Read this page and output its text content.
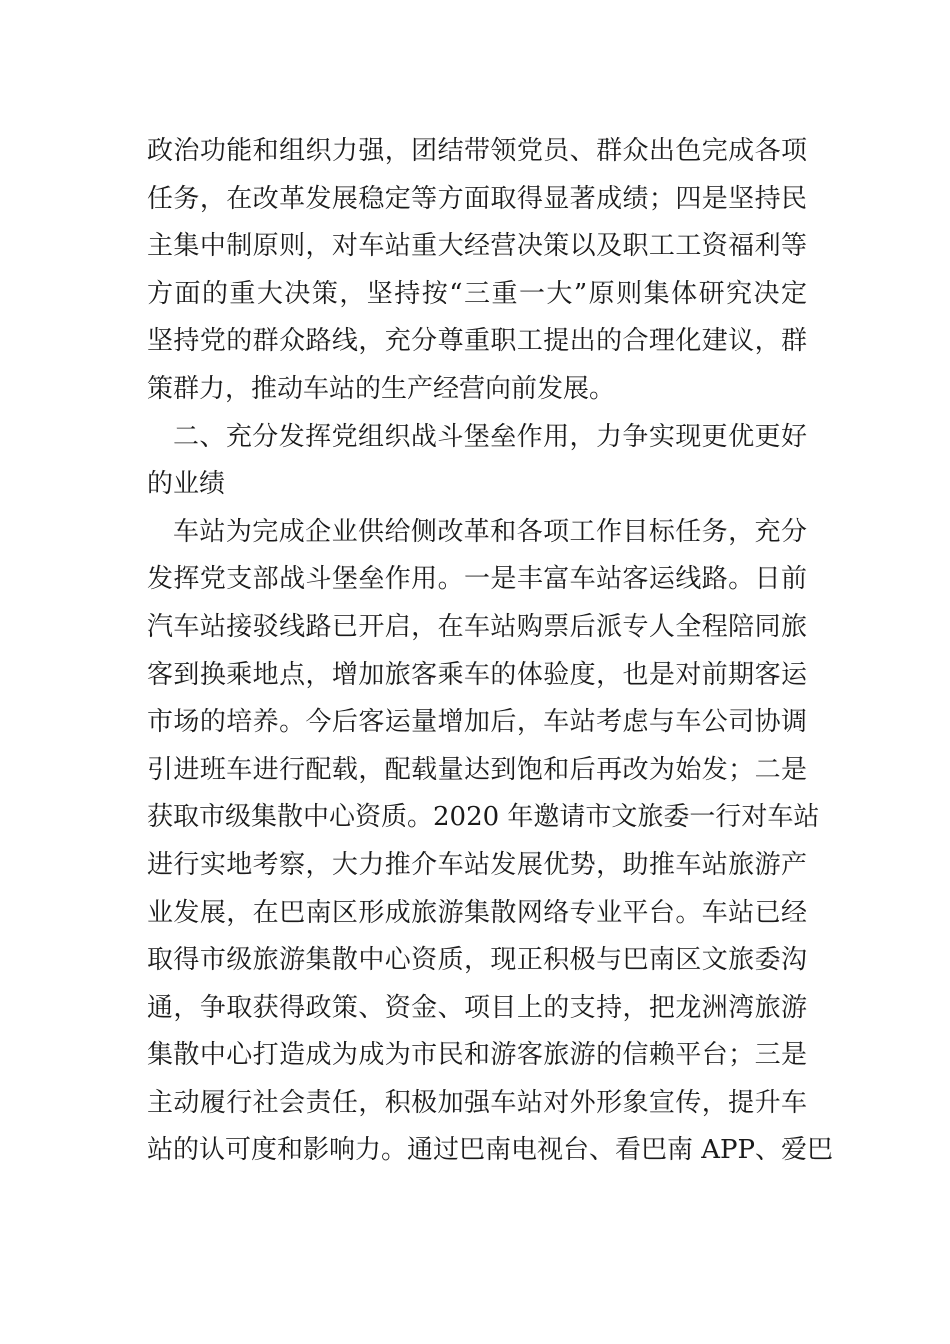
政治功能和组织力强，团结带领党员、群众出色完成各项
任务，在改革发展稳定等方面取得显著成绩；四是坚持民
主集中制原则，对车站重大经营决策以及职工工资福利等
方面的重大决策，坚持按“三重一大”原则集体研究决定
坚持党的群众路线，充分尊重职工提出的合理化建议，群
策群力，推动车站的生产经营向前发展。
二、充分发挥党组织战斗堡垒作用，力争实现更优更好
的业绩
车站为完成企业供给侧改革和各项工作目标任务，充分
发挥党支部战斗堡垒作用。一是丰富车站客运线路。日前
汽车站接驳线路已开启，在车站购票后派专人全程陪同旅
客到换乘地点，增加旅客乘车的体验度，也是对前期客运
市场的培养。今后客运量增加后，车站考虑与车公司协调
引进班车进行配载，配载量达到饱和后再改为始发；二是
获取市级集散中心资质。2020 年邀请市文旅委一行对车站
进行实地考察，大力推介车站发展优势，助推车站旅游产
业发展，在巴南区形成旅游集散网络专业平台。车站已经
取得市级旅游集散中心资质，现正积极与巴南区文旅委沟
通，争取获得政策、资金、项目上的支持，把龙洲湾旅游
集散中心打造成为成为市民和游客旅游的信赖平台；三是
主动履行社会责任，积极加强车站对外形象宣传，提升车
站的认可度和影响力。通过巴南电视台、看巴南 APP、爱巴
